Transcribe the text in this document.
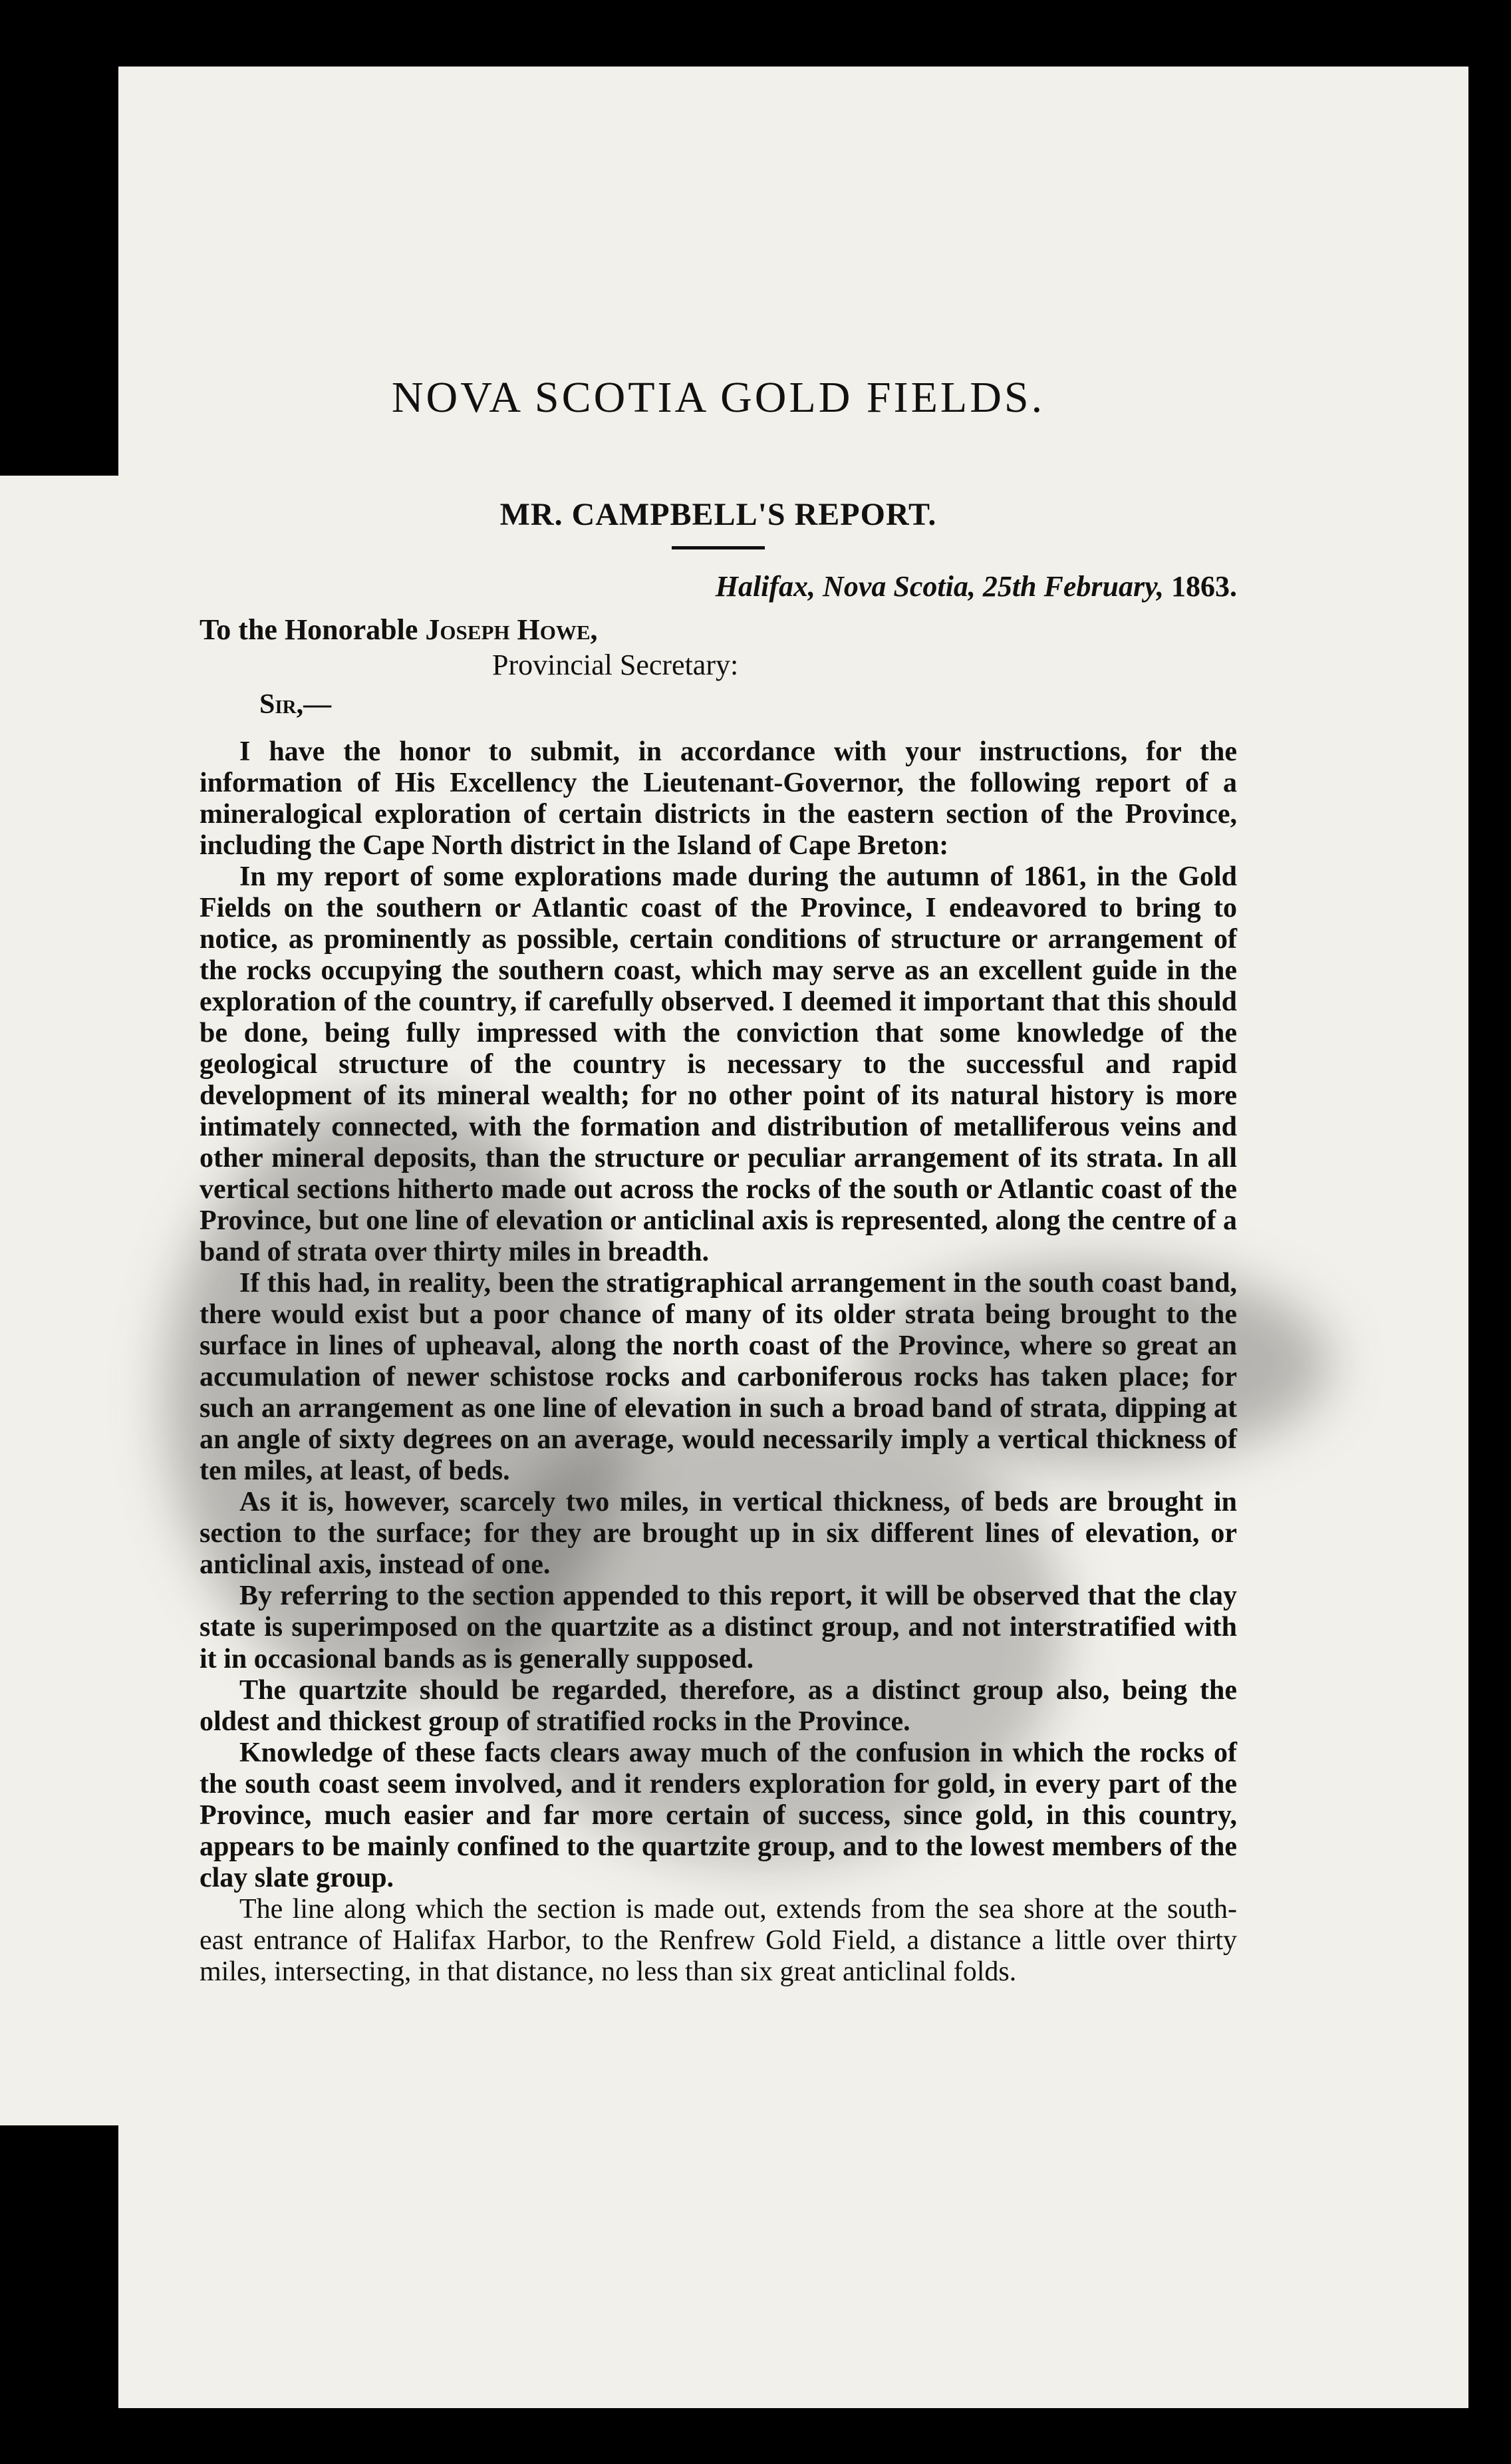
NOVA SCOTIA GOLD FIELDS.
MR. CAMPBELL'S REPORT.

Halifax, Nova Scotia, 25th February, 1863.

To the Honorable Joseph Howe,

Provincial Secretary:

Sir,—

I have the honor to submit, in accordance with your instructions, for the information of His Excellency the Lieutenant-Governor, the following report of a mineralogical exploration of certain districts in the eastern section of the Province, including the Cape North district in the Island of Cape Breton:

In my report of some explorations made during the autumn of 1861, in the Gold Fields on the southern or Atlantic coast of the Province, I endeavored to bring to notice, as prominently as possible, certain conditions of structure or arrangement of the rocks occupying the southern coast, which may serve as an excellent guide in the exploration of the country, if carefully observed. I deemed it important that this should be done, being fully impressed with the conviction that some knowledge of the geological structure of the country is necessary to the successful and rapid development of its mineral wealth; for no other point of its natural history is more intimately connected, with the formation and distribution of metalliferous veins and other mineral deposits, than the structure or peculiar arrangement of its strata. In all vertical sections hitherto made out across the rocks of the south or Atlantic coast of the Province, but one line of elevation or anticlinal axis is represented, along the centre of a band of strata over thirty miles in breadth.

If this had, in reality, been the stratigraphical arrangement in the south coast band, there would exist but a poor chance of many of its older strata being brought to the surface in lines of upheaval, along the north coast of the Province, where so great an accumulation of newer schistose rocks and carboniferous rocks has taken place; for such an arrangement as one line of elevation in such a broad band of strata, dipping at an angle of sixty degrees on an average, would necessarily imply a vertical thickness of ten miles, at least, of beds.

As it is, however, scarcely two miles, in vertical thickness, of beds are brought in section to the surface; for they are brought up in six different lines of elevation, or anticlinal axis, instead of one.

By referring to the section appended to this report, it will be observed that the clay state is superimposed on the quartzite as a distinct group, and not interstratified with it in occasional bands as is generally supposed.

The quartzite should be regarded, therefore, as a distinct group also, being the oldest and thickest group of stratified rocks in the Province.

Knowledge of these facts clears away much of the confusion in which the rocks of the south coast seem involved, and it renders exploration for gold, in every part of the Province, much easier and far more certain of success, since gold, in this country, appears to be mainly confined to the quartzite group, and to the lowest members of the clay slate group.

The line along which the section is made out, extends from the sea shore at the south-east entrance of Halifax Harbor, to the Renfrew Gold Field, a distance a little over thirty miles, intersecting, in that distance, no less than six great anticlinal folds.
